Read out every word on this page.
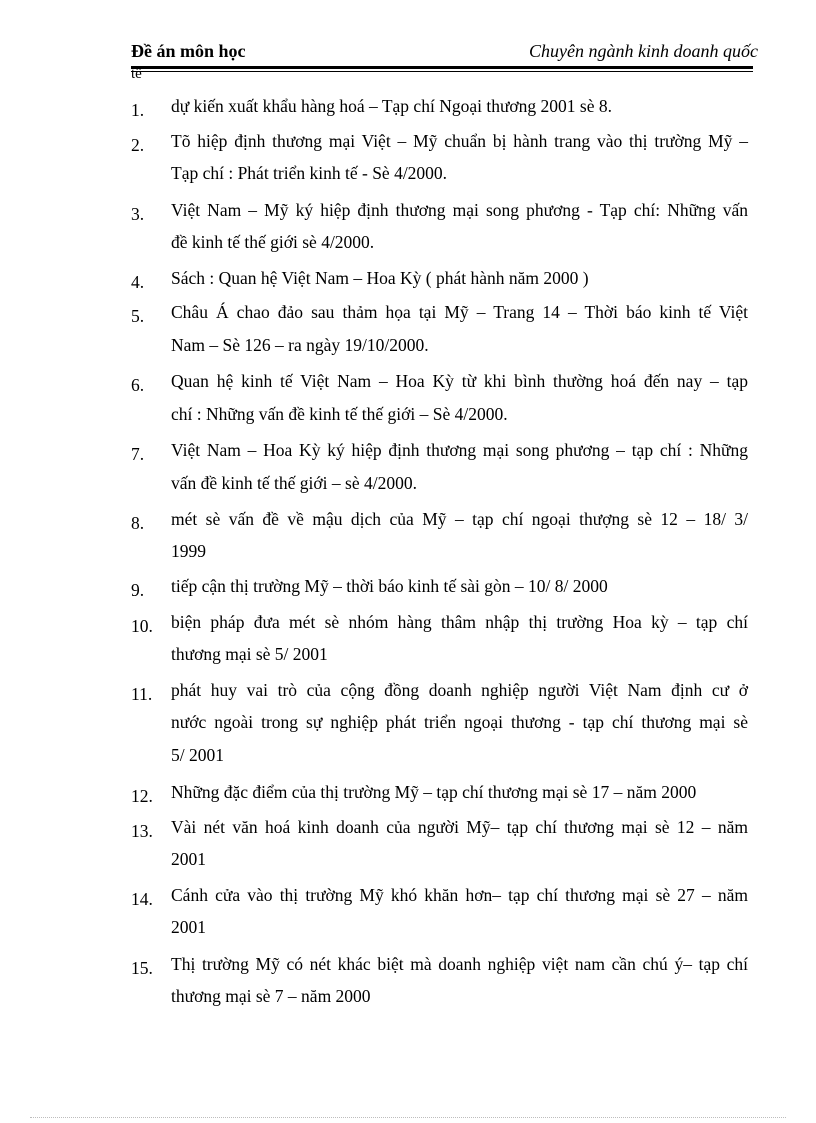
Đề án môn học	Chuyên ngành kinh doanh quốc
tế
1.	dự kiến xuất khẩu hàng hoá – Tạp chí Ngoại thương 2001 sè 8.
2.	Tõ hiệp định thương mại Việt – Mỹ chuẩn bị hành trang vào thị trường Mỹ –
Tạp chí : Phát triển kinh tế - Sè 4/2000.
3.	Việt Nam – Mỹ ký hiệp định thương mại song phương - Tạp chí: Những vấn
đề kinh tế thế giới sè 4/2000.
4.	Sách : Quan hệ Việt Nam – Hoa Kỳ ( phát hành năm 2000 )
5.	Châu Á chao đảo sau thảm họa tại Mỹ – Trang 14 – Thời báo kinh tế Việt
Nam – Sè 126 – ra ngày 19/10/2000.
6.	Quan hệ kinh tế Việt Nam – Hoa Kỳ từ khi bình thường hoá đến nay – tạp
chí : Những vấn đề kinh tế thế giới – Sè 4/2000.
7.	Việt Nam – Hoa Kỳ ký hiệp định thương mại song phương – tạp chí : Những
vấn đề kinh tế thế giới – sè 4/2000.
8.	mét sè vấn đề về mậu dịch của Mỹ – tạp chí ngoại thượng sè 12 – 18/ 3/
1999
9.	tiếp cận thị trường Mỹ – thời báo kinh tế sài gòn – 10/ 8/ 2000
10.	biện pháp đưa mét sè nhóm hàng thâm nhập thị trường Hoa kỳ – tạp chí
thương mại sè 5/ 2001
11.	phát huy vai trò của cộng đồng doanh nghiệp người Việt Nam định cư ở
nước ngoài trong sự nghiệp phát triển ngoại thương - tạp chí thương mại sè
5/ 2001
12.	Những đặc điểm của thị trường Mỹ – tạp chí thương mại sè 17 – năm 2000
13.	Vài nét văn hoá kinh doanh của người Mỹ– tạp chí thương mại sè 12 – năm
2001
14.	Cánh cửa vào thị trường Mỹ khó khăn hơn– tạp chí thương mại sè 27 – năm
2001
15.	Thị trường Mỹ có nét khác biệt mà doanh nghiệp việt nam cần chú ý– tạp chí
thương mại sè 7 – năm 2000
